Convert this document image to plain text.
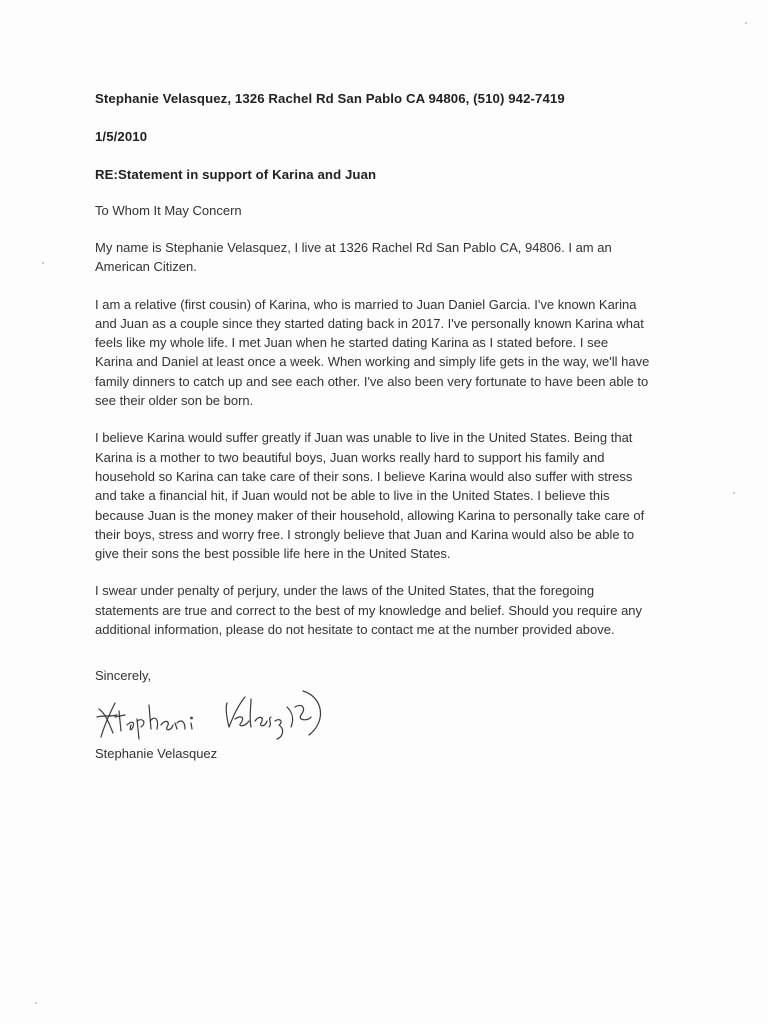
Stephanie Velasquez, 1326 Rachel Rd San Pablo CA 94806, (510) 942-7419

1/5/2010

RE:Statement in support of Karina and Juan

To Whom It May Concern

My name is Stephanie Velasquez, I live at 1326 Rachel Rd San Pablo CA, 94806. I am an
American Citizen.

I am a relative (first cousin) of Karina, who is married to Juan Daniel Garcia. I've known Karina
and Juan as a couple since they started dating back in 2017. I've personally known Karina what
feels like my whole life. I met Juan when he started dating Karina as I stated before. I see
Karina and Daniel at least once a week. When working and simply life gets in the way, we'll have
family dinners to catch up and see each other. I've also been very fortunate to have been able to
see their older son be born.

I believe Karina would suffer greatly if Juan was unable to live in the United States. Being that
Karina is a mother to two beautiful boys, Juan works really hard to support his family and
household so Karina can take care of their sons. I believe Karina would also suffer with stress
and take a financial hit, if Juan would not be able to live in the United States. I believe this
because Juan is the money maker of their household, allowing Karina to personally take care of
their boys, stress and worry free. I strongly believe that Juan and Karina would also be able to
give their sons the best possible life here in the United States.

I swear under penalty of perjury, under the laws of the United States, that the foregoing
statements are true and correct to the best of my knowledge and belief. Should you require any
additional information, please do not hesitate to contact me at the number provided above.

Sincerely,
Stephanie Velasquez
